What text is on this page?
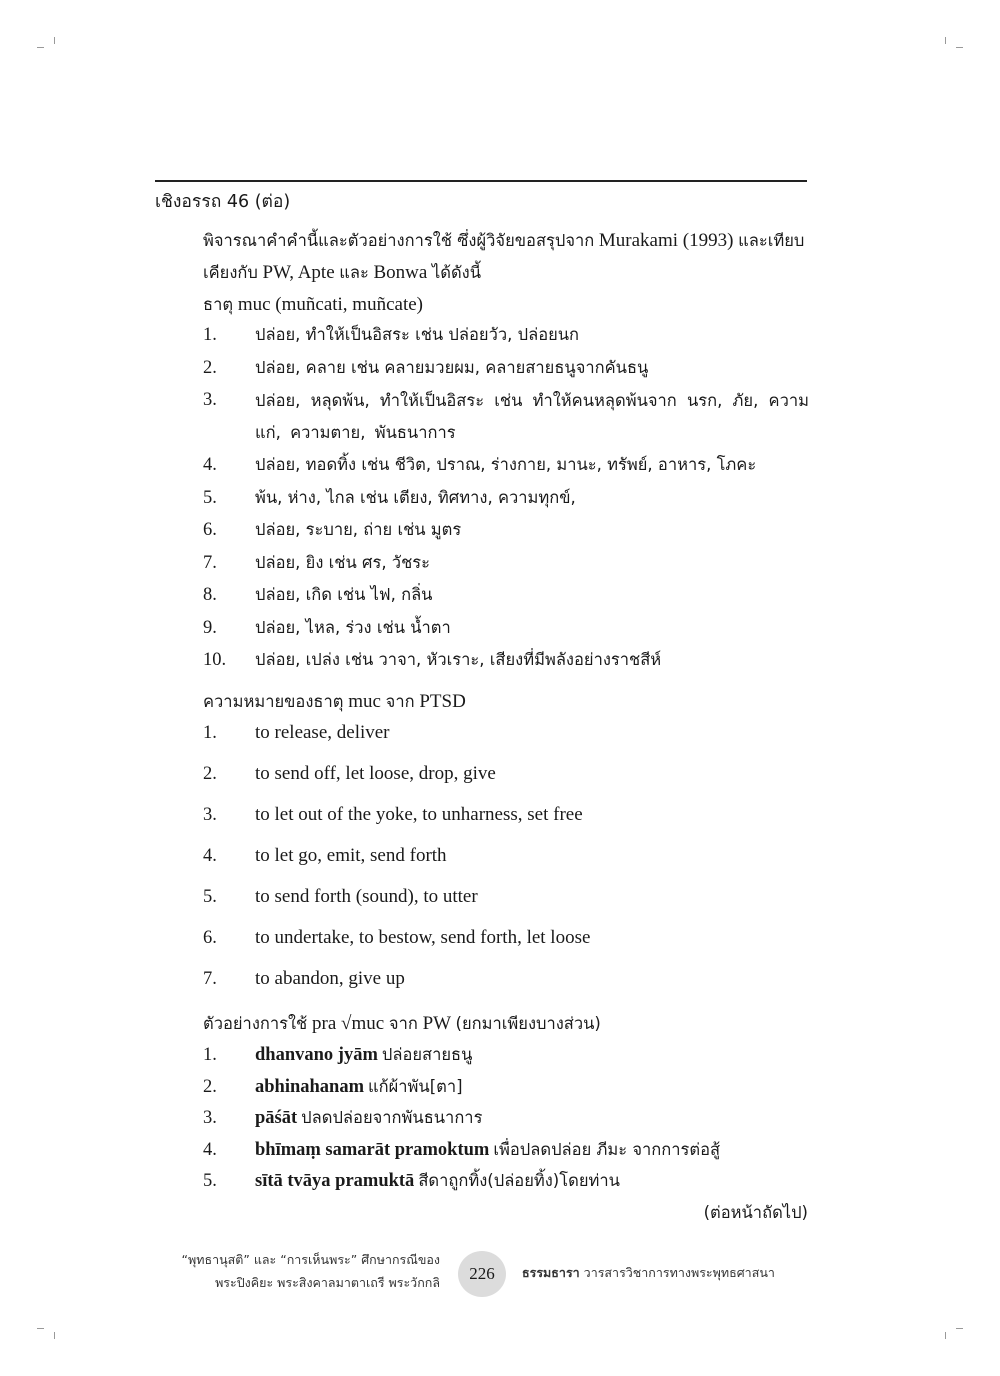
เชิงอรรถ 46 (ต่อ)
พิจารณาคำคำนี้และตัวอย่างการใช้ ซึ่งผู้วิจัยขอสรุปจาก Murakami (1993) และเทียบ
เคียงกับ PW, Apte และ Bonwa ได้ดังนี้
ธาตุ muc (muñcati, muñcate)
1. ปล่อย, ทำให้เป็นอิสระ เช่น ปล่อยวัว, ปล่อยนก
2. ปล่อย, คลาย เช่น คลายมวยผม, คลายสายธนูจากคันธนู
3. ปล่อย, หลุดพ้น, ทำให้เป็นอิสระ เช่น ทำให้คนหลุดพ้นจาก นรก, ภัย, ความแก่, ความตาย, พันธนาการ
4. ปล่อย, ทอดทิ้ง เช่น ชีวิต, ปราณ, ร่างกาย, มานะ, ทรัพย์, อาหาร, โภคะ
5. พ้น, ห่าง, ไกล เช่น เตียง, ทิศทาง, ความทุกข์,
6. ปล่อย, ระบาย, ถ่าย เช่น มูตร
7. ปล่อย, ยิง เช่น ศร, วัชระ
8. ปล่อย, เกิด เช่น ไฟ, กลิ่น
9. ปล่อย, ไหล, ร่วง เช่น น้ำตา
10. ปล่อย, เปล่ง เช่น วาจา, หัวเราะ, เสียงที่มีพลังอย่างราชสีห์
ความหมายของธาตุ muc จาก PTSD
1. to release, deliver
2. to send off, let loose, drop, give
3. to let out of the yoke, to unharness, set free
4. to let go, emit, send forth
5. to send forth (sound), to utter
6. to undertake, to bestow, send forth, let loose
7. to abandon, give up
ตัวอย่างการใช้ pra √muc จาก PW (ยกมาเพียงบางส่วน)
1. dhanvano jyām ปล่อยสายธนู
2. abhinahanam แก้ผ้าพัน[ตา]
3. pāśāt ปลดปล่อยจากพันธนาการ
4. bhīmaṃ samarāt pramoktum เพื่อปลดปล่อย ภีมะ จากการต่อสู้
5. sītā tvāya pramuktā สีดาถูกทิ้ง(ปล่อยทิ้ง)โดยท่าน
(ต่อหน้าถัดไป)
“พุทธานุสติ” และ “การเห็นพระ” ศึกษากรณีของ
พระปิงคิยะ พระสิงคาลมาตาเถรี พระวักกลิ 226 ธรรมธารา วารสารวิชาการทางพระพุทธศาสนา
